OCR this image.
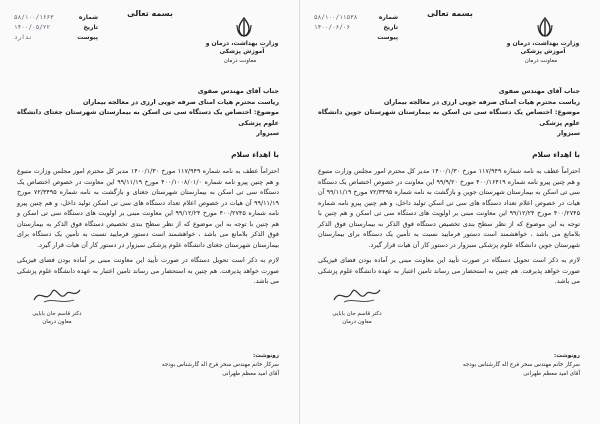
بسمه تعالی
وزارت بهداشت، درمان و آموزش پزشکی
معاونت درمان
شماره
۵۸/۱۰۰/۱۶۶۳
تاریخ
۱۴۰۰/۰۵/۲۲
پیوست
ندارد

جناب آقای مهندس صفوی

ریاست محترم هیات امنای صرفه جویی ارزی در معالجه بیماران

موضوع: اختصاص یک دستگاه سی تی اسکن به بیمارستان شهرستان جغتای دانشگاه علوم پزشکی

سبزوار

با اهداء سلام

احتراماً عطف به نامه شماره ۱۱۷/۹۴۹ مورخ ۱۴۰۰/۱/۳۰ مدیر کل محترم امور مجلس وزارت متبوع و هم چنین پیرو نامه شماره ۴۰۰/۱۰۰۸/۰۱/۰ مورخ ۹۹/۱۱/۱۹ این معاونت در خصوص اختصاص یک دستگاه سی تی اسکن به بیمارستان شهرستان جغتای و بازگشت به نامه شماره ۷۲/۳۴۹۵ مورخ ۹۹/۱۱/۱۹ آن هیات در خصوص اعلام تعداد دستگاه های سی تی اسکن تولید داخل، و هم چنین پیرو نامه شماره ۴۰۰/۲۷۴۵ مورخ ۹۹/۱۲/۲۴ این معاونت مبنی بر اولویت های دستگاه سی تی اسکن و هم چنین با توجه به این موضوع که از نظر سطح بندی تخصیص دستگاه فوق الذکر به بیمارستان فوق الذکر بلامانع می باشد ، خواهشمند است دستور فرمایید نسبت به تأمین یک دستگاه برای بیمارستان شهرستان جغتای دانشگاه علوم پزشکی سبزوار در دستور کار آن هیات قرار گیرد.

لازم به ذکر است تحویل دستگاه در صورت تأیید این معاونت مبنی بر آماده بودن فضای فیزیکی صورت خواهد پذیرفت. هم چنین به استحضار می رساند تامین اعتبار به عهده دانشگاه علوم پزشکی می باشد.

دکتر قاسم جان بابایی
معاون درمان
رونوشت:
سرکار خانم مهندس سحر فرج اله گارشناس بودجه
آقای امید معظم طهرانی
بسمه تعالی
وزارت بهداشت، درمان و آموزش پزشکی
معاونت درمان
شماره
۵۸/۱۰۰/۱۱۵۳۸
تاریخ
۱۴۰۰/۰۶/۰۶
پیوست

جناب آقای مهندس صفوی

ریاست محترم هیات امنای صرفه جویی ارزی در معالجه بیماران

موضوع: اختصاص یک دستگاه سی تی اسکن به بیمارستان شهرستان جوین دانشگاه علوم پزشکی

سبزوار

با اهداء سلام

احتراماً عطف به نامه شماره ۱۱۷/۹۴۹ مورخ ۱۴۰۰/۱/۳۰ مدیر کل محترم امور مجلس وزارت متبوع و هم چنین پیرو نامه شماره ۴۰۰/۱۶۴۱۹ مورخ ۹۹/۹/۲۰ این معاونت در خصوص اختصاص یک دستگاه سی تی اسکن به بیمارستان شهرستان جوین و بازگشت به نامه شماره ۷۲/۳۴۹۵ مورخ ۹۹/۱۱/۱۹ آن هیات در خصوص اعلام تعداد دستگاه های سی تی اسکن تولید داخل، و هم چنین پیرو نامه شماره ۴۰۰/۲۷۴۵ مورخ ۹۹/۱۲/۲۴ این معاونت مبنی بر اولویت های دستگاه سی تی اسکن و هم چنین با توجه به این موضوع که از نظر سطح بندی تخصیص دستگاه فوق الذکر به بیمارستان فوق الذکر بلامانع می باشد ، خواهشمند است دستور فرمایید نسبت به تأمین یک دستگاه برای بیمارستان شهرستان جوین دانشگاه علوم پزشکی سبزوار در دستور کار آن هیات قرار گیرد.

لازم به ذکر است تحویل دستگاه در صورت تأیید این معاونت مبنی بر آماده بودن فضای فیزیکی صورت خواهد پذیرفت. هم چنین به استحضار می رساند تامین اعتبار به عهده دانشگاه علوم پزشکی می باشد.

دکتر قاسم جان بابایی
معاون درمان
رونوشت:
سرکار خانم مهندس سحر فرج اله گارشناس بودجه
آقای امید معظم طهرانی
